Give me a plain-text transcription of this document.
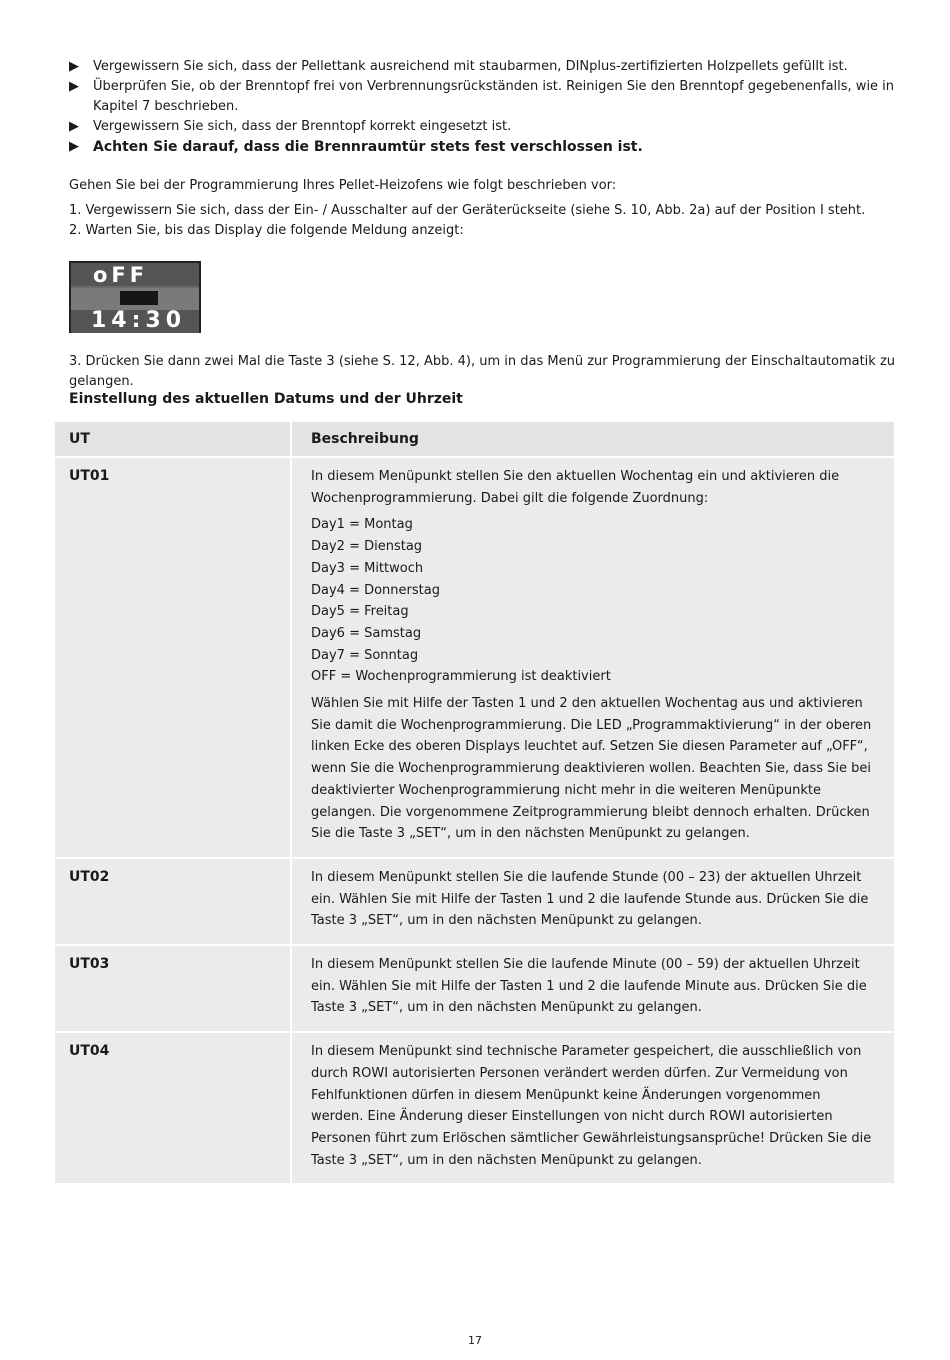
▶ Vergewissern Sie sich, dass der Pellettank ausreichend mit staubarmen, DINplus-zertifizierten Holzpellets gefüllt ist.
▶ Überprüfen Sie, ob der Brenntopf frei von Verbrennungsrückständen ist. Reinigen Sie den Brenntopf gegebenenfalls, wie in Kapitel 7 beschrieben.
▶ Vergewissern Sie sich, dass der Brenntopf korrekt eingesetzt ist.
▶ Achten Sie darauf, dass die Brennraumtür stets fest verschlossen ist.

Gehen Sie bei der Programmierung Ihres Pellet-Heizofens wie folgt beschrieben vor:

1. Vergewissern Sie sich, dass der Ein- / Ausschalter auf der Geräterückseite (siehe S. 10, Abb. 2a) auf der Position I steht.
2. Warten Sie, bis das Display die folgende Meldung anzeigt:
oFF
14:30

3. Drücken Sie dann zwei Mal die Taste 3 (siehe S. 12, Abb. 4), um in das Menü zur Programmierung der Einschaltautomatik zu gelangen.

Einstellung des aktuellen Datums und der Uhrzeit
UT	Beschreibung
UT01	In diesem Menüpunkt stellen Sie den aktuellen Wochentag ein und aktivieren die Wochenprogrammierung. Dabei gilt die folgende Zuordnung:

Day1 = Montag
Day2 = Dienstag
Day3 = Mittwoch
Day4 = Donnerstag
Day5 = Freitag
Day6 = Samstag
Day7 = Sonntag
OFF = Wochenprogrammierung ist deaktiviert

Wählen Sie mit Hilfe der Tasten 1 und 2 den aktuellen Wochentag aus und aktivieren Sie damit die Wochenprogrammierung. Die LED „Programmaktivierung“ in der oberen linken Ecke des oberen Displays leuchtet auf. Setzen Sie diesen Parameter auf „OFF“, wenn Sie die Wochenprogrammierung deaktivieren wollen. Beachten Sie, dass Sie bei deaktivierter Wochenprogrammierung nicht mehr in die weiteren Menüpunkte gelangen. Die vorgenommene Zeitprogrammierung bleibt dennoch erhalten. Drücken Sie die Taste 3 „SET“, um in den nächsten Menüpunkt zu gelangen.

UT02	In diesem Menüpunkt stellen Sie die laufende Stunde (00 – 23) der aktuellen Uhrzeit ein. Wählen Sie mit Hilfe der Tasten 1 und 2 die laufende Stunde aus. Drücken Sie die Taste 3 „SET“, um in den nächsten Menüpunkt zu gelangen.

UT03	In diesem Menüpunkt stellen Sie die laufende Minute (00 – 59) der aktuellen Uhrzeit ein. Wählen Sie mit Hilfe der Tasten 1 und 2 die laufende Minute aus. Drücken Sie die Taste 3 „SET“, um in den nächsten Menüpunkt zu gelangen.

UT04	In diesem Menüpunkt sind technische Parameter gespeichert, die ausschließlich von durch ROWI autorisierten Personen verändert werden dürfen. Zur Vermeidung von Fehlfunktionen dürfen in diesem Menüpunkt keine Änderungen vorgenommen werden. Eine Änderung dieser Einstellungen von nicht durch ROWI autorisierten Personen führt zum Erlöschen sämtlicher Gewährleistungsansprüche! Drücken Sie die Taste 3 „SET“, um in den nächsten Menüpunkt zu gelangen.

17
